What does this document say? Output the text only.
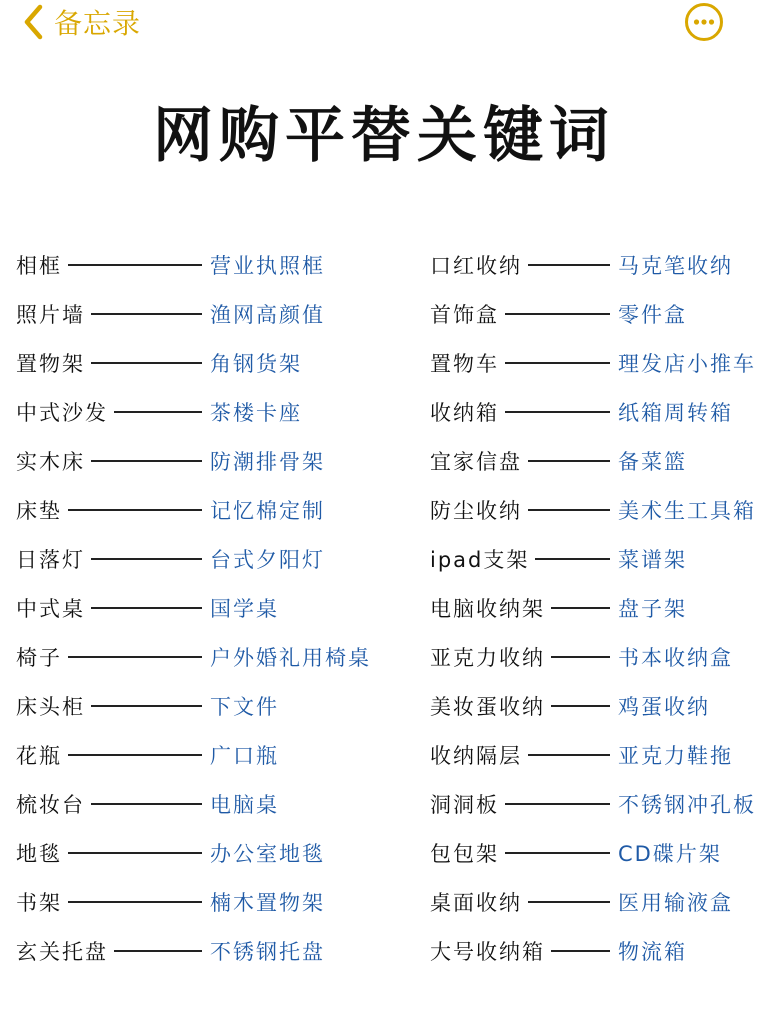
备忘录
网购平替关键词
相框	营业执照框
照片墙	渔网高颜值
置物架	角钢货架
中式沙发	茶楼卡座
实木床	防潮排骨架
床垫	记忆棉定制
日落灯	台式夕阳灯
中式桌	国学桌
椅子	户外婚礼用椅桌
床头柜	下文件
花瓶	广口瓶
梳妆台	电脑桌
地毯	办公室地毯
书架	楠木置物架
玄关托盘	不锈钢托盘
口红收纳	马克笔收纳
首饰盒	零件盒
置物车	理发店小推车
收纳箱	纸箱周转箱
宜家信盘	备菜篮
防尘收纳	美术生工具箱
ipad支架	菜谱架
电脑收纳架	盘子架
亚克力收纳	书本收纳盒
美妆蛋收纳	鸡蛋收纳
收纳隔层	亚克力鞋拖
洞洞板	不锈钢冲孔板
包包架	CD碟片架
桌面收纳	医用输液盒
大号收纳箱	物流箱
